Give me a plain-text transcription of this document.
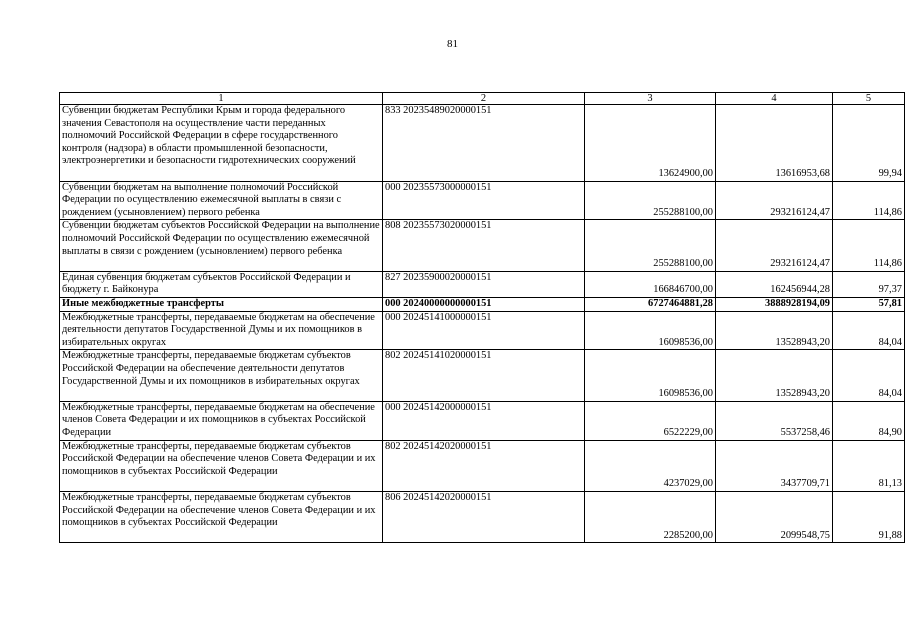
81
1	2	3	4	5
Субвенции бюджетам Республики Крым и города федерального значения Севастополя на осуществление части переданных полномочий Российской Федерации в сфере государственного контроля (надзора) в области промышленной безопасности, электроэнергетики и безопасности гидротехнических сооружений	833 20235489020000151	13624900,00	13616953,68	99,94
Субвенции бюджетам на выполнение полномочий Российской Федерации по осуществлению ежемесячной выплаты в связи с рождением (усыновлением) первого ребенка	000 20235573000000151	255288100,00	293216124,47	114,86
Субвенции бюджетам субъектов Российской Федерации на выполнение полномочий Российской Федерации по осуществлению ежемесячной выплаты в связи с рождением (усыновлением) первого ребенка	808 20235573020000151	255288100,00	293216124,47	114,86
Единая субвенция бюджетам субъектов Российской Федерации и бюджету г. Байконура	827 20235900020000151	166846700,00	162456944,28	97,37
Иные межбюджетные трансферты	000 20240000000000151	6727464881,28	3888928194,09	57,81
Межбюджетные трансферты, передаваемые бюджетам на обеспечение деятельности депутатов Государственной Думы и их помощников в избирательных округах	000 20245141000000151	16098536,00	13528943,20	84,04
Межбюджетные трансферты, передаваемые бюджетам субъектов Российской Федерации на обеспечение деятельности депутатов Государственной Думы и их помощников в избирательных округах	802 20245141020000151	16098536,00	13528943,20	84,04
Межбюджетные трансферты, передаваемые бюджетам на обеспечение членов Совета Федерации и их помощников в субъектах Российской Федерации	000 20245142000000151	6522229,00	5537258,46	84,90
Межбюджетные трансферты, передаваемые бюджетам субъектов Российской Федерации на обеспечение членов Совета Федерации и их помощников в субъектах Российской Федерации	802 20245142020000151	4237029,00	3437709,71	81,13
Межбюджетные трансферты, передаваемые бюджетам субъектов Российской Федерации на обеспечение членов Совета Федерации и их помощников в субъектах Российской Федерации	806 20245142020000151	2285200,00	2099548,75	91,88
